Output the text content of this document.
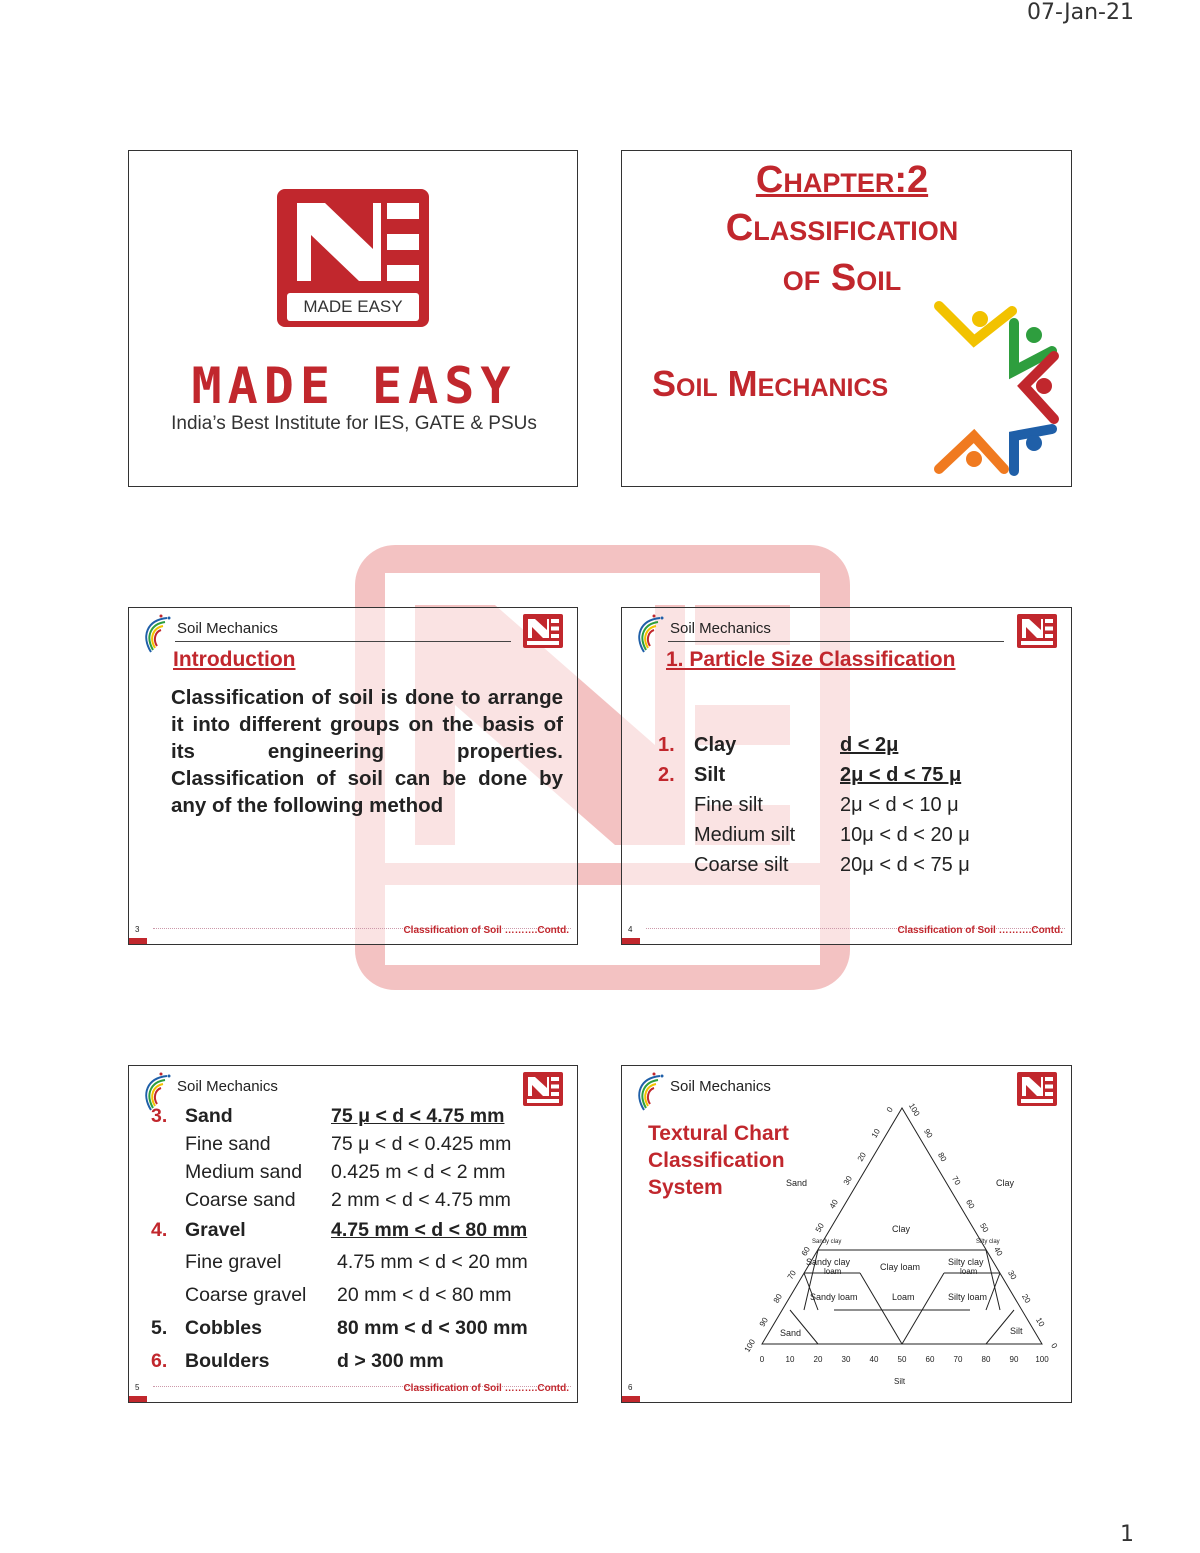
07-Jan-21
MADE EASY
MADE EASY
India’s Best Institute for IES, GATE & PSUs
Chapter:2
Classification
of Soil
Soil Mechanics
Soil Mechanics
Introduction
Classification of soil is done to arrange it into different groups on the basis of its engineering properties. Classification of soil can be done by any of the following method
3	Classification of Soil ……….Contd.
Soil Mechanics
1. Particle Size Classification
1.	Clay	d < 2μ
2.	Silt	2μ < d < 75 μ
	Fine silt	2μ < d < 10 μ
	Medium silt	10μ < d < 20 μ
	Coarse silt	20μ < d < 75 μ
4	Classification of Soil ……….Contd.
Soil Mechanics
3.	Sand	75 μ < d < 4.75 mm
	Fine sand	75 μ < d < 0.425 mm
	Medium sand	0.425 m < d < 2 mm
	Coarse sand	2 mm < d < 4.75 mm
4.	Gravel	4.75 mm < d < 80 mm
	Fine gravel	4.75 mm < d < 20 mm
	Coarse gravel	20 mm < d < 80 mm
5.	Cobbles	80 mm < d < 300 mm
6.	Boulders	d > 300 mm
5	Classification of Soil ……….Contd.
Soil Mechanics
Textural Chart
Classification
System	Sand	Clay
Silt
Clay
Sandy clay	Silty clay
Sandy clay
loam	Clay loam	Silty clay
loam
Sandy loam	Loam	Silty loam
Sand	Silt
0	10 20 30 40 50 60 70 80 90 100
100
90
80
70
60
50
40
30
20
10
0 100
90
80
70
60
50
40
30
20
10
0
6
1
